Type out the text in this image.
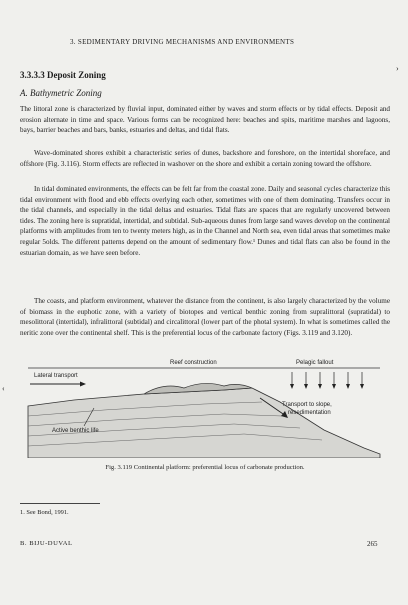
3. SEDIMENTARY DRIVING MECHANISMS AND ENVIRONMENTS
›
3.3.3.3 Deposit Zoning
A. Bathymetric Zoning

The littoral zone is characterized by fluvial input, dominated either by waves and storm effects or by tidal effects. Deposit and erosion alternate in time and space. Various forms can be recognized here: beaches and spits, maritime marshes and lagoons, bays, barrier beaches and bars, banks, estuaries and deltas, and tidal flats.

Wave-dominated shores exhibit a characteristic series of dunes, backshore and foreshore, on the intertidal shoreface, and offshore (Fig. 3.116). Storm effects are reflected in washover on the shore and exhibit a certain zoning toward the offshore.

In tidal dominated environments, the effects can be felt far from the coastal zone. Daily and seasonal cycles characterize this tidal environment with flood and ebb effects overlying each other, sometimes with one of them dominating. Transfers occur in the tidal channels, and especially in the tidal deltas and estuaries. Tidal flats are spaces that are regularly uncovered between tides. The zoning here is supratidal, intertidal, and subtidal. Sub-aqueous dunes from large sand waves develop on the continental platforms with amplitudes from ten to twenty meters high, as in the Channel and North sea, even tidal areas that sometimes make regular 5olds. The different patterns depend on the amount of sedimentary flow.¹ Dunes and tidal flats can also be found in the estuarian domain, as we have seen before.

The coasts, and platform environment, whatever the distance from the continent, is also largely characterized by the volume of biomass in the euphotic zone, with a variety of biotopes and vertical benthic zoning from supralittoral (supratidal) to mesolittoral (intertidal), infralittoral (subtidal) and circalittoral (lower part of the photal system). In what is sometimes called the neritic zone over the continental shelf. This is the preferential locus of the carbonate factory (Figs. 3.119 and 3.120).

Lateral transport
Reef construction	Pelagic fallout
Transport to slope,
resedimentation
Active benthic life
Fig. 3.119 Continental platform: preferential locus of carbonate production.
‹
1. See Bond, 1991.
B. BIJU-DUVAL	265
